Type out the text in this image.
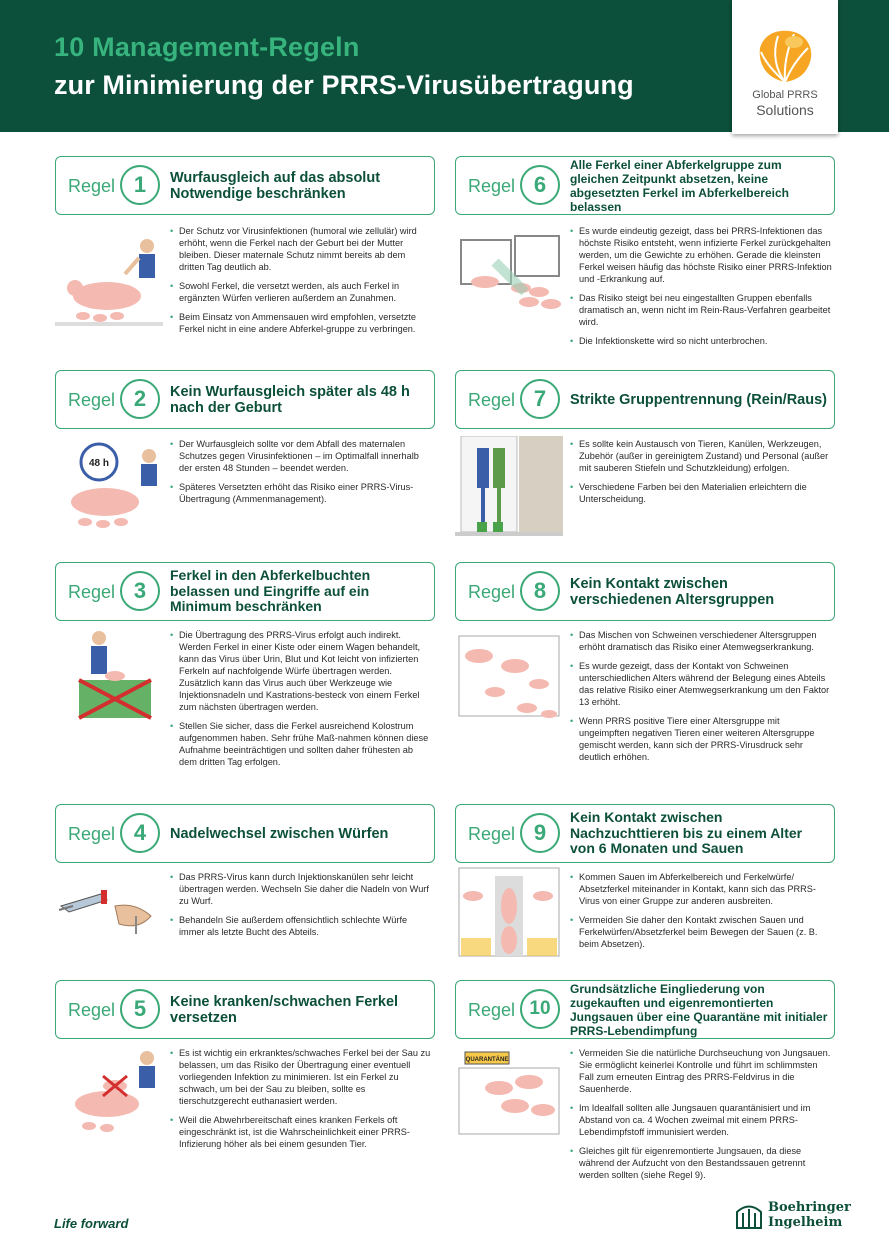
10 Management-Regeln
zur Minimierung der PRRS-Virusübertragung	Global PRRS
Solutions
Regel 1	Wurfausgleich auf das absolut Notwendige beschränken
• Der Schutz vor Virusinfektionen (humoral wie zellulär) wird erhöht, wenn die Ferkel nach der Geburt bei der Mutter bleiben. Dieser maternale Schutz nimmt bereits ab dem dritten Tag deutlich ab.
• Sowohl Ferkel, die versetzt werden, als auch Ferkel in ergänzten Würfen verlieren außerdem an Zunahmen.
• Beim Einsatz von Ammensauen wird empfohlen, versetzte Ferkel nicht in eine andere Abferkel-gruppe zu verbringen.
Regel 6
Alle Ferkel einer Abferkelgruppe zum gleichen Zeitpunkt absetzen, keine abgesetzten Ferkel im Abferkelbereich belassen
• Es wurde eindeutig gezeigt, dass bei PRRS-Infektionen das höchste Risiko entsteht, wenn infizierte Ferkel zurückgehalten werden, um die Gewichte zu erhöhen. Gerade die kleinsten Ferkel weisen häufig das höchste Risiko einer PRRS-Infektion und -Erkrankung auf.
• Das Risiko steigt bei neu eingestallten Gruppen ebenfalls dramatisch an, wenn nicht im Rein-Raus-Verfahren gearbeitet wird.
• Die Infektionskette wird so nicht unterbrochen.
Regel 2	Kein Wurfausgleich später als 48 h nach der Geburt
48 h
• Der Wurfausgleich sollte vor dem Abfall des maternalen Schutzes gegen Virusinfektionen – im Optimalfall innerhalb der ersten 48 Stunden – beendet werden.
• Späteres Versetzten erhöht das Risiko einer PRRS-Virus-Übertragung (Ammenmanagement).
Regel 7	Strikte Gruppentrennung (Rein/Raus)
• Es sollte kein Austausch von Tieren, Kanülen, Werkzeugen, Zubehör (außer in gereinigtem Zustand) und Personal (außer mit sauberen Stiefeln und Schutzkleidung) erfolgen.
• Verschiedene Farben bei den Materialien erleichtern die Unterscheidung.
Regel 3
Ferkel in den Abferkelbuchten belassen und Eingriffe auf ein Minimum beschränken
• Die Übertragung des PRRS-Virus erfolgt auch indirekt. Werden Ferkel in einer Kiste oder einem Wagen behandelt, kann das Virus über Urin, Blut und Kot leicht von infizierten Ferkeln auf nachfolgende Würfe übertragen werden. Zusätzlich kann das Virus auch über Werkzeuge wie Injektionsnadeln und Kastrations-besteck von einem Ferkel zum nächsten übertragen werden.
• Stellen Sie sicher, dass die Ferkel ausreichend Kolostrum aufgenommen haben. Sehr frühe Maß-nahmen können diese Aufnahme beeinträchtigen und sollten daher frühesten ab dem dritten Tag erfolgen.
Regel 8	Kein Kontakt zwischen verschiedenen Altersgruppen
• Das Mischen von Schweinen verschiedener Altersgruppen erhöht dramatisch das Risiko einer Atemwegserkrankung.
• Es wurde gezeigt, dass der Kontakt von Schweinen unterschiedlichen Alters während der Belegung eines Abteils das relative Risiko einer Atemwegserkrankung um den Faktor 13 erhöht.
• Wenn PRRS positive Tiere einer Altersgruppe mit ungeimpften negativen Tieren einer weiteren Altersgruppe gemischt werden, kann sich der PRRS-Virusdruck sehr deutlich erhöhen.
Regel 4	Nadelwechsel zwischen Würfen
• Das PRRS-Virus kann durch Injektionskanülen sehr leicht übertragen werden. Wechseln Sie daher die Nadeln von Wurf zu Wurf.
• Behandeln Sie außerdem offensichtlich schlechte Würfe immer als letzte Bucht des Abteils.
Regel 9
Kein Kontakt zwischen Nachzuchttieren bis zu einem Alter von 6 Monaten und Sauen
• Kommen Sauen im Abferkelbereich und Ferkelwürfe/ Absetzferkel miteinander in Kontakt, kann sich das PRRS-Virus von einer Gruppe zur anderen ausbreiten.
• Vermeiden Sie daher den Kontakt zwischen Sauen und Ferkelwürfen/Absetzferkel beim Bewegen der Sauen (z. B. beim Absetzen).
Regel 5	Keine kranken/schwachen Ferkel versetzen
• Es ist wichtig ein erkranktes/schwaches Ferkel bei der Sau zu belassen, um das Risiko der Übertragung einer eventuell vorliegenden Infektion zu minimieren. Ist ein Ferkel zu schwach, um bei der Sau zu bleiben, sollte es tierschutzgerecht euthanasiert werden.
• Weil die Abwehrbereitschaft eines kranken Ferkels oft eingeschränkt ist, ist die Wahrscheinlichkeit einer PRRS-Infizierung höher als bei einem gesunden Tier.
Regel 10
Grundsätzliche Eingliederung von zugekauften und eigenremontierten Jungsauen über eine Quarantäne mit initialer PRRS-Lebendimpfung
QUARANTÄNE
• Vermeiden Sie die natürliche Durchseuchung von Jungsauen. Sie ermöglicht keinerlei Kontrolle und führt im schlimmsten Fall zum erneuten Eintrag des PRRS-Feldvirus in die Sauenherde.
• Im Idealfall sollten alle Jungsauen quarantänisiert und im Abstand von ca. 4 Wochen zweimal mit einem PRRS-Lebendimpfstoff immunisiert werden.
• Gleiches gilt für eigenremontierte Jungsauen, da diese während der Aufzucht von den Bestandssauen getrennt werden sollten (siehe Regel 9).
Life forward
Boehringer
Ingelheim
